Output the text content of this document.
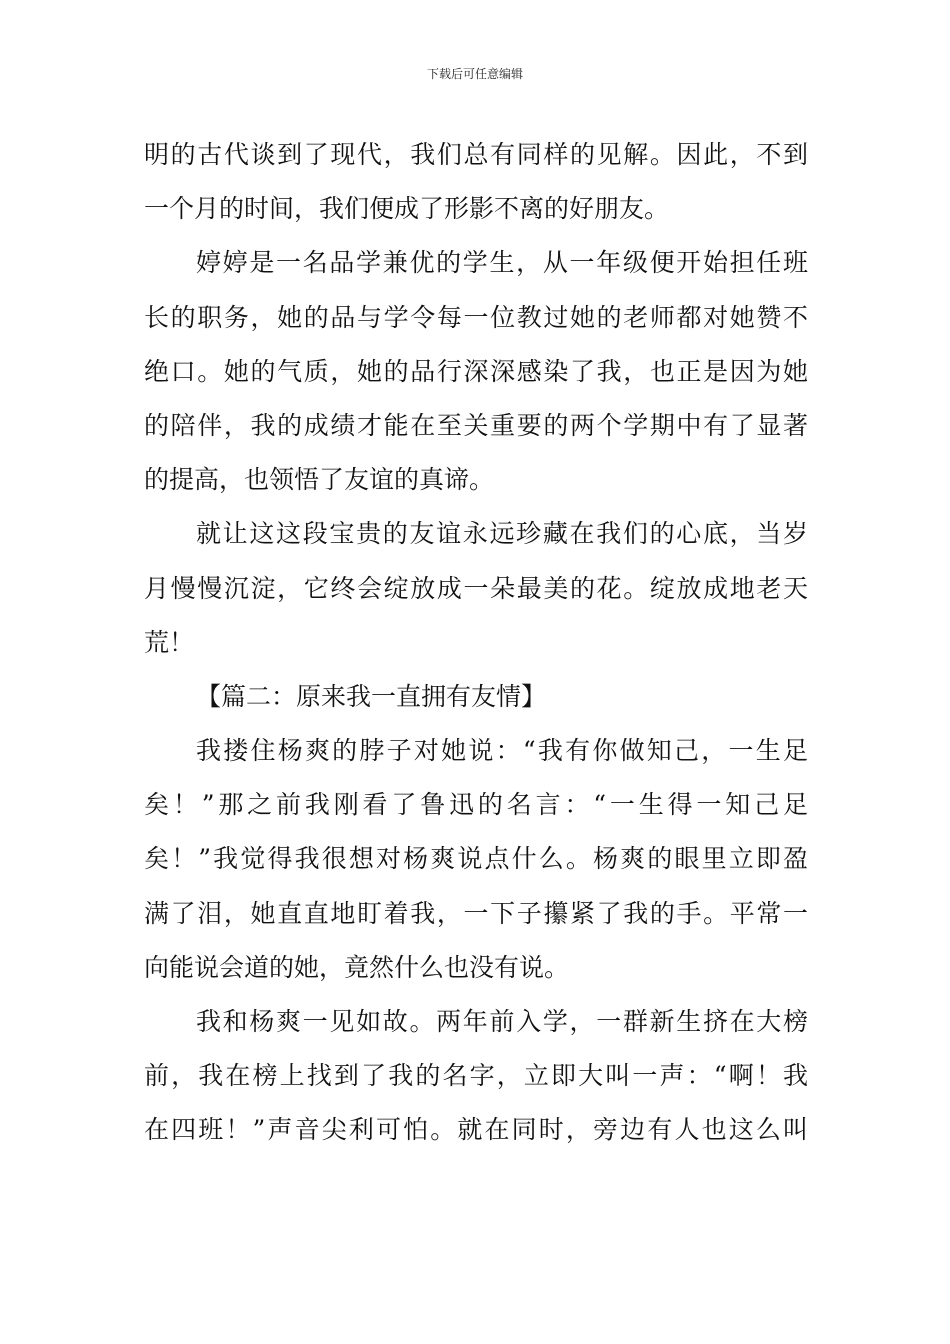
下载后可任意编辑
明的古代谈到了现代，我们总有同样的见解。因此，不到
一个月的时间，我们便成了形影不离的好朋友。
婷婷是一名品学兼优的学生，从一年级便开始担任班
长的职务，她的品与学令每一位教过她的老师都对她赞不
绝口。她的气质，她的品行深深感染了我，也正是因为她
的陪伴，我的成绩才能在至关重要的两个学期中有了显著
的提高，也领悟了友谊的真谛。
就让这这段宝贵的友谊永远珍藏在我们的心底，当岁
月慢慢沉淀，它终会绽放成一朵最美的花。绽放成地老天
荒！
【篇二：原来我一直拥有友情】
我搂住杨爽的脖子对她说：“我有你做知己，一生足
矣！”那之前我刚看了鲁迅的名言：“一生得一知己足
矣！”我觉得我很想对杨爽说点什么。杨爽的眼里立即盈
满了泪，她直直地盯着我，一下子攥紧了我的手。平常一
向能说会道的她，竟然什么也没有说。
我和杨爽一见如故。两年前入学，一群新生挤在大榜
前，我在榜上找到了我的名字，立即大叫一声：“啊！我
在四班！”声音尖利可怕。就在同时，旁边有人也这么叫
